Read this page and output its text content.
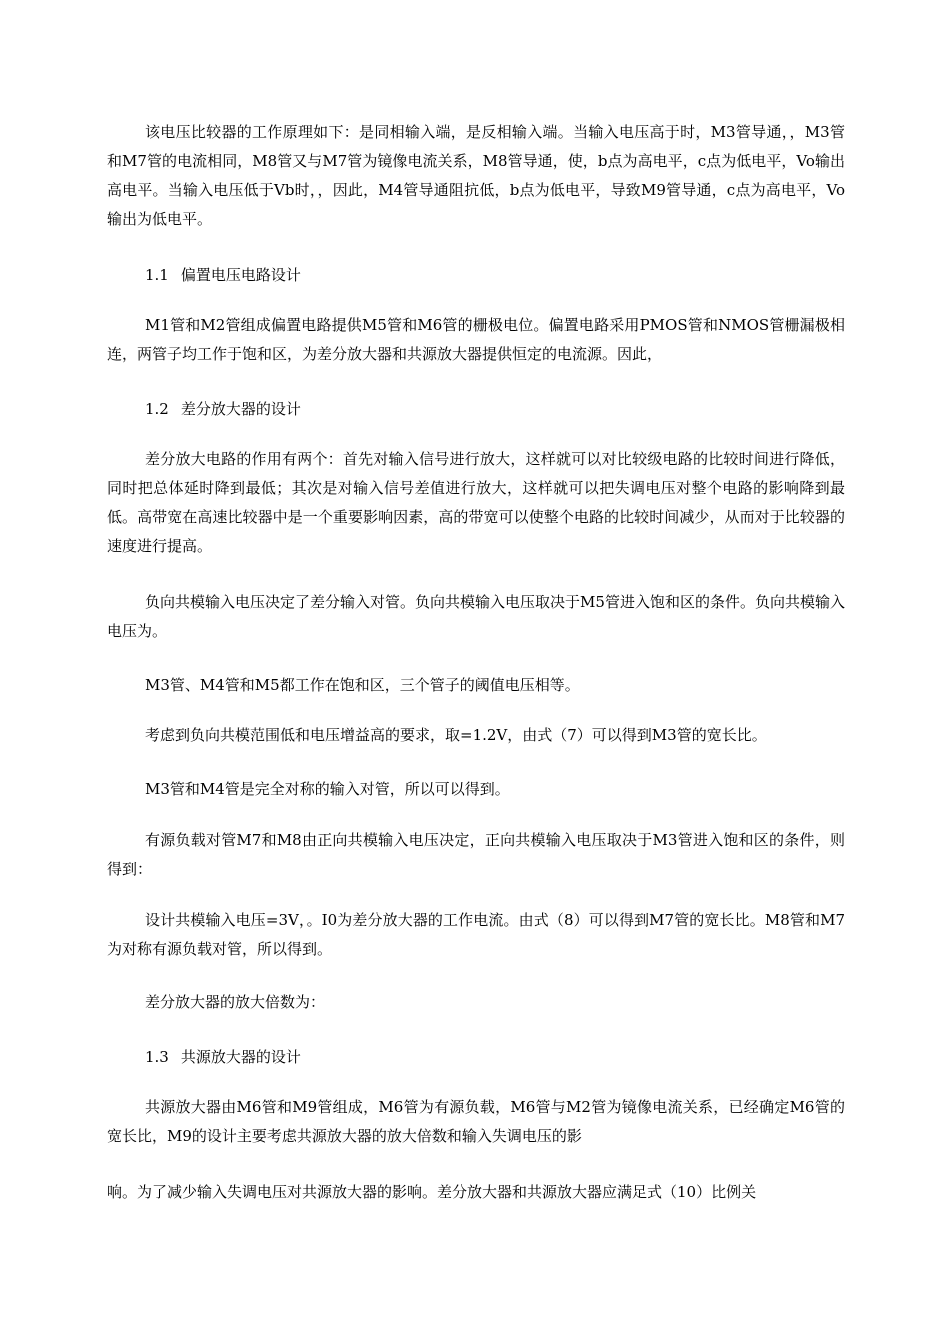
该电压比较器的工作原理如下：是同相输入端，是反相输入端。当输入电压高于时，M3管导通，，M3管和M7管的电流相同，M8管又与M7管为镜像电流关系，M8管导通，使，b点为高电平，c点为低电平，Vo输出高电平。当输入电压低于Vb时，，因此，M4管导通阻抗低，b点为低电平，导致M9管导通，c点为高电平，Vo输出为低电平。

1.1 偏置电压电路设计

M1管和M2管组成偏置电路提供M5管和M6管的栅极电位。偏置电路采用PMOS管和NMOS管栅漏极相连，两管子均工作于饱和区，为差分放大器和共源放大器提供恒定的电流源。因此，

1.2 差分放大器的设计

差分放大电路的作用有两个：首先对输入信号进行放大，这样就可以对比较级电路的比较时间进行降低，同时把总体延时降到最低；其次是对输入信号差值进行放大，这样就可以把失调电压对整个电路的影响降到最低。高带宽在高速比较器中是一个重要影响因素，高的带宽可以使整个电路的比较时间减少，从而对于比较器的速度进行提高。

负向共模输入电压决定了差分输入对管。负向共模输入电压取决于M5管进入饱和区的条件。负向共模输入电压为。

M3管、M4管和M5都工作在饱和区，三个管子的阈值电压相等。

考虑到负向共模范围低和电压增益高的要求，取=1.2V，由式（7）可以得到M3管的宽长比。

M3管和M4管是完全对称的输入对管，所以可以得到。

有源负载对管M7和M8由正向共模输入电压决定，正向共模输入电压取决于M3管进入饱和区的条件，则得到：

设计共模输入电压=3V，。I0为差分放大器的工作电流。由式（8）可以得到M7管的宽长比。M8管和M7为对称有源负载对管，所以得到。

差分放大器的放大倍数为：

1.3 共源放大器的设计

共源放大器由M6管和M9管组成，M6管为有源负载，M6管与M2管为镜像电流关系，已经确定M6管的宽长比，M9的设计主要考虑共源放大器的放大倍数和输入失调电压的影

响。为了减少输入失调电压对共源放大器的影响。差分放大器和共源放大器应满足式（10）比例关
